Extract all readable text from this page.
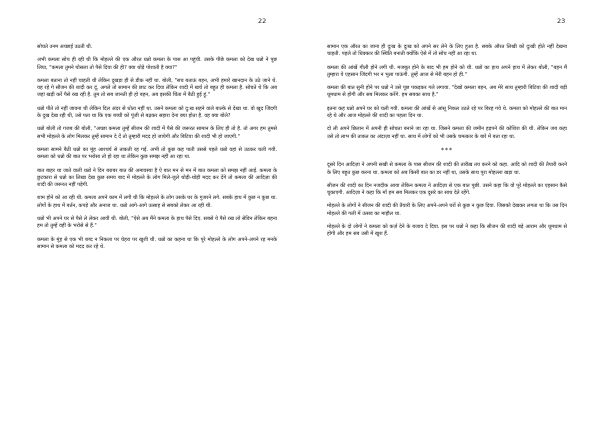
22

सोचते उनम अच्छाई उठती थी.

अभी कमला सोच ही रही थी कि मोहल्ले की एक औरत धन्नो कमला के पास आ पहुंची. उसके पीछे कमला को देख धन्नो ने पूछ लिया, "कमला तुमने घोसला तो पैसे दिया की ही? क्या थोड़े पोशाती है क्या?"

कमला बताना तो नहीं चाहती थी लेकिन दुखड़ा ही से डीक नहीं था. बोली, "सच बताऊं बहन, अभी हमारे खानदान के उठे जाने थे. यह रहे गे सीजन की शादी कर दूं. अगले तो सामान की छाट कर दिया लेकिन शादी में खर्च तो बहुत ही कमला है. सोचते थे कि अब जहां खड़ी करें पैसे रख रही है. तुम तो सब जानती ही हो बहन, अब इसकी चिंता में बैठी हुई हूं."

धन्नो पीते तो नहीं जावना थी लेकिन दिल अंदर से धोता नहीं था. उसने कमला को दु:ख सहने वाले बाल्के से देखा था. वो खुद जिंदगी के दुख देख रही थी, उसे पता था कि एक बच्ची को पूंजी से बढ़कर सहारा देना क्या होता है. वह क्या बोले?

धन्नो बोली तो गजब की बोली, "अच्छा कमला तुम्हें सीजन की शादी में पैसे की जरूरत सामान के लिए ही तो है. तो अगर हम तुमसे सभी मोहल्ले के लोग मिलकर तुम्हें सामान दे दें तो तुम्हारी मदद हो जायेगी और बिटिया की शादी भी हो जाएगी."

कमला सामने बैठी धन्नो का मुंह आश्चर्य से ताकती रह गई. अभी तो कुछ कह पाती उससे पहले धन्नो वहां से उठकर चली गयी. कमला को धन्नो की बात पर भरोसा तो हो रहा था लेकिन कुछ समझ नहीं आ रहा था.

बात बाहर था जाते वाली धन्नो ने दिन बराबर बात की अमावस्या है ऐ बात मन से मन में बात कमला को समझ नहीं आई. कमला के छुटकारा से धन्नो का लिखा देख कुछ समय बाद में मोहल्ले के लोग मिले-जुले थोड़ी-थोड़ी मदद कर देंगे तो कमला की आदिज़ा की शादी की जरूरत नहीं पड़ेगी.

शाम होने को आ रही थी. कमला अपने काम में लगी थी कि मोहल्ले के लोग उसके घर के गुजरने लगे. सबके हाथ में कुछ न कुछ था. लोगों के हाथ में बर्तन, कपड़े और अनाज था. धन्नो आगे-आगे उत्साह से सबको लेकर आ रही थी.

धन्नो भी अपने घर से पैसे ले लेकर आयी थी. बोली, "ऐसे अब मैंने कमला के हाथ पैसे दिए. सबसे ये पैसे रख लो सेविन लेकिन बहना हम तो तुम्हें वहीं के भरोसे से हैं."

कमला के मुंह से एक भी शब्द न निकला पर चेहरा पर खुशी थी. धन्नो का कहना था कि पूरे मोहल्ले के लोग अपने-अपने रह मनके सामान से कमला को मदद कर रहे थे.

23

सामान एक औरत का जाना ही दुःख के दुःख को अपने सर लेने के लिए हुआ है. सबके औरत लिखी को दुःखी होते नहीं देखना चाहती. पहले तो धिक्कार की स्थिति बनाती क्योंकि ऐसे में तो सोच नहीं आ रहा था.

कमला की आंखें गीली होने लगी थी. मजबूत होने के बाद भी हम होने को थी. धन्नो का हाथ अपने हाथ में लेकर बोली, "बहन मैं तुम्हारा ये एहसान जिंदगी भर न भुला पाऊंगी. तुम्हें आज से मेरी बहन हो ही."

कमला की बात सुनी होने पर धन्नो ने उसे पूछ पकड़कर गले लगाया. "देखो कमला बहन, अब मेरे साथ तुम्हारी बिटिया की शादी बड़ी धूमधाम से होगी और सब मिलकर करेंगे. हम सबका साथ है."

इतना कह धन्नो अपने घर को चली गयी. कमला की आंखें से आंसू निकल उठते रहे पर बिरह गये थे. कमला को मोहल्ले की बात मान रहे थे और आज मोहल्ले की शादी का पहला दिन था.

दो ली अपने छिलान में अपनी ही सोचता बनाने जा रहा था. जिसने कमला की जमीन हड़पने की कोशिश की थी. लेकिन जब कहा उसे तो लाभ की ताकत का अंदाज़ा नहीं था. साथ में लोगों को भी उसके चमत्कार के बारे में बता रहा था.

***

दूसरे दिन आदिज़ा ने अपनी सखी से कमला के पास सीजन की शादी की तारीख़ तय करने को कहा. आदि को शादी की तैयारी करने के लिए बहुत कुछ करना था. कमला को अब किसी बात का डर नहीं था, उसके साथ पूरा मोहल्ला खड़ा था.

सीजन की शादी का दिन नजदीक आया लेकिन कमला ने आदिज़ा से एक बात पूछी. उसने कहा कि वो पूरे मोहल्ले का एहसान कैसे चुकाएगी. आदिज़ा ने कहा कि माँ हम सब मिलकर एक दूसरे का साथ देते रहेंगे.

मोहल्ले के लोगों ने सीजन की शादी की तैयारी के लिए अपने-अपने घरों से कुछ न कुछ दिया. जिसको देखकर लगता था कि उस दिन मोहल्ले की गली में उत्सव का माहौल था.

मोहल्ले के दो लोगों ने कमला को कर्ज़ देने के बजाय दे दिया. इस पर धन्नो ने कहा कि सीजन की शादी बड़े आराम और धूमधाम से होगी और हम सब उसी में खुश हैं.
